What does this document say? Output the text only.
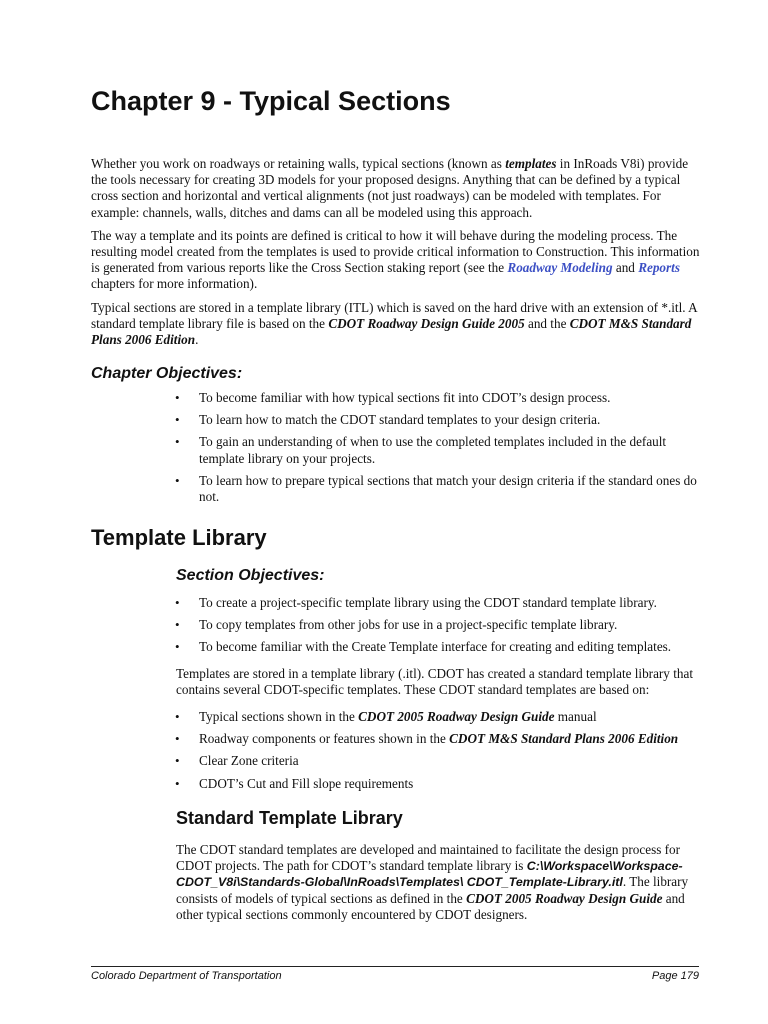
Chapter 9 - Typical Sections

Whether you work on roadways or retaining walls, typical sections (known as templates in InRoads V8i) provide the tools necessary for creating 3D models for your proposed designs. Anything that can be defined by a typical cross section and horizontal and vertical alignments (not just roadways) can be modeled with templates. For example: channels, walls, ditches and dams can all be modeled using this approach.

The way a template and its points are defined is critical to how it will behave during the modeling process. The resulting model created from the templates is used to provide critical information to Construction. This information is generated from various reports like the Cross Section staking report (see the Roadway Modeling and Reports chapters for more information).

Typical sections are stored in a template library (ITL) which is saved on the hard drive with an extension of *.itl. A standard template library file is based on the CDOT Roadway Design Guide 2005 and the CDOT M&S Standard Plans 2006 Edition.

Chapter Objectives:
• To become familiar with how typical sections fit into CDOT’s design process.
• To learn how to match the CDOT standard templates to your design criteria.
• To gain an understanding of when to use the completed templates included in the default template library on your projects.
• To learn how to prepare typical sections that match your design criteria if the standard ones do not.
Template Library
Section Objectives:
• To create a project-specific template library using the CDOT standard template library.
• To copy templates from other jobs for use in a project-specific template library.
• To become familiar with the Create Template interface for creating and editing templates.

Templates are stored in a template library (.itl). CDOT has created a standard template library that contains several CDOT-specific templates. These CDOT standard templates are based on:

• Typical sections shown in the CDOT 2005 Roadway Design Guide manual
• Roadway components or features shown in the CDOT M&S Standard Plans 2006 Edition
• Clear Zone criteria
• CDOT’s Cut and Fill slope requirements
Standard Template Library

The CDOT standard templates are developed and maintained to facilitate the design process for CDOT projects. The path for CDOT’s standard template library is C:\Workspace\Workspace-CDOT_V8i\Standards-Global\InRoads\Templates\ CDOT_Template-Library.itl. The library consists of models of typical sections as defined in the CDOT 2005 Roadway Design Guide and other typical sections commonly encountered by CDOT designers.

Colorado Department of Transportation	Page 179
